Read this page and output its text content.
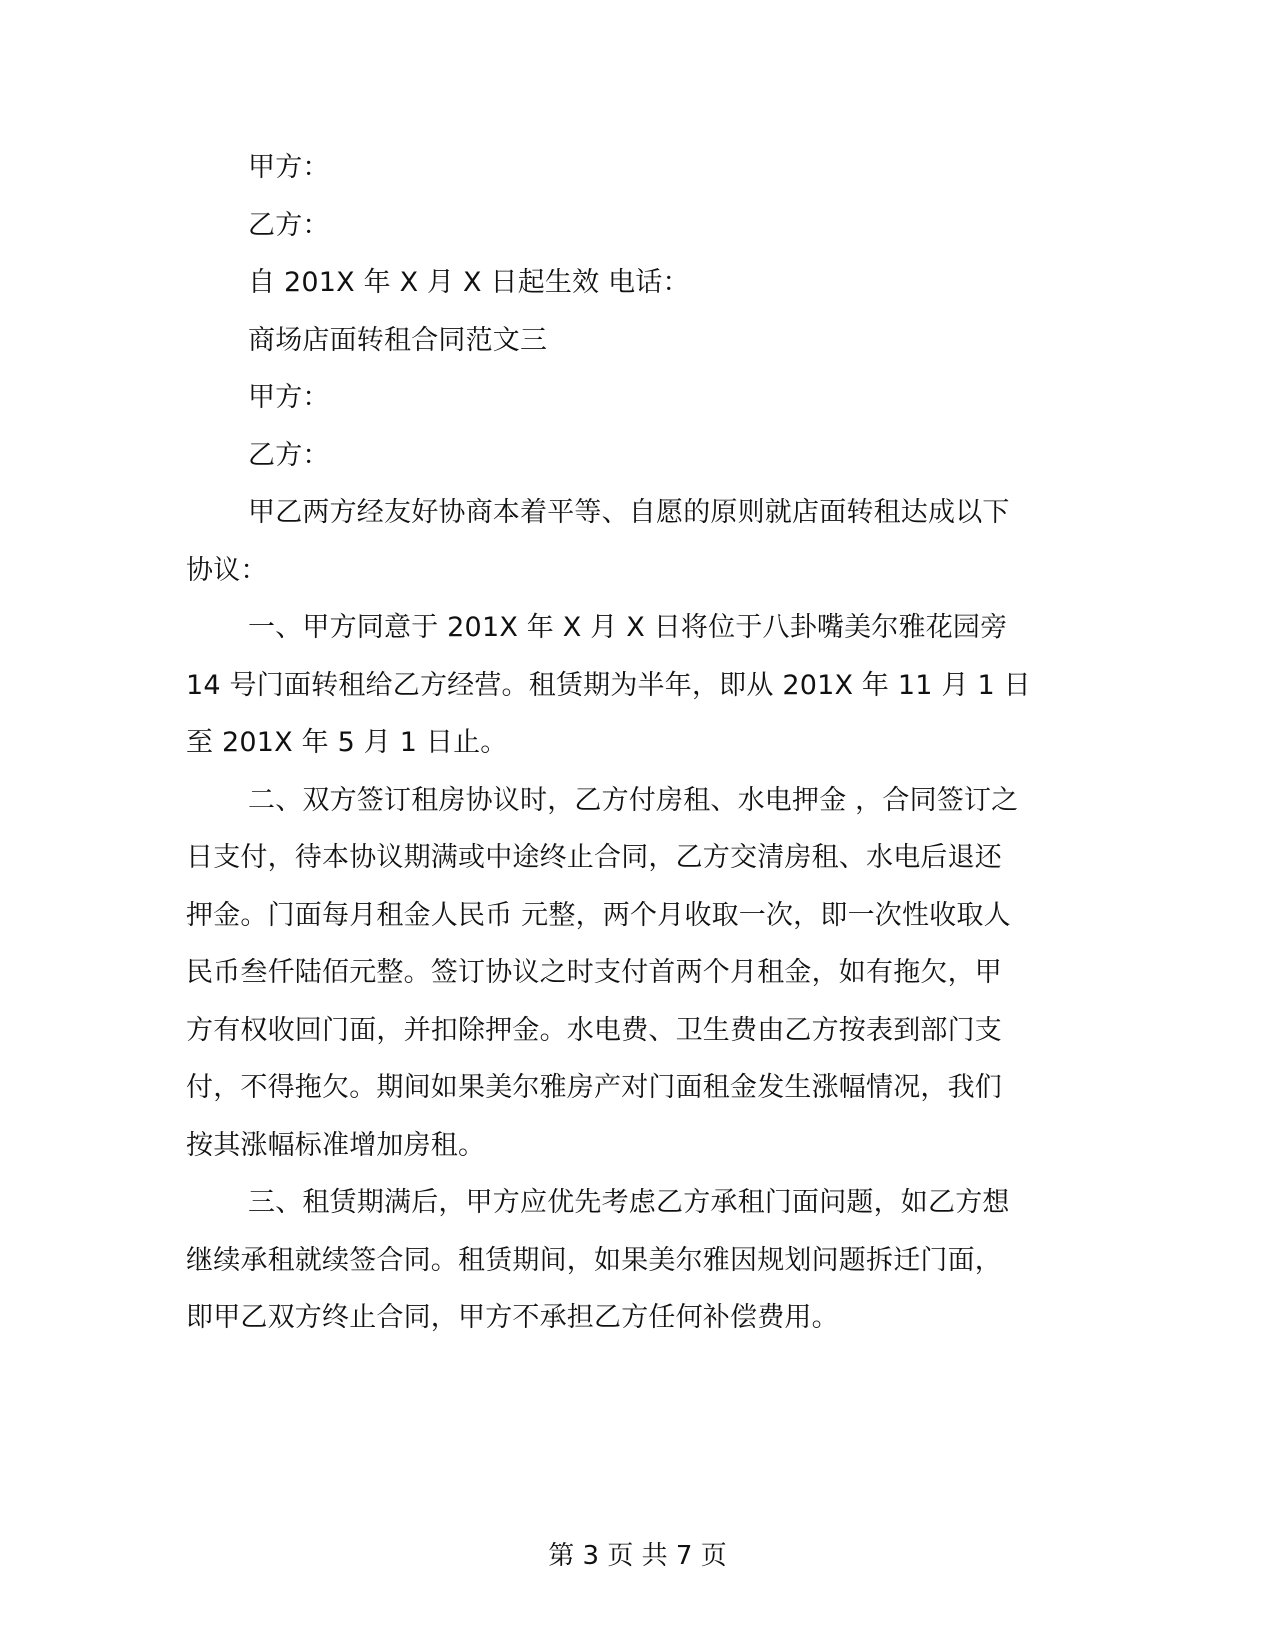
甲方：
乙方：
自 201X 年 X 月 X 日起生效 电话：
商场店面转租合同范文三
甲方：
乙方：
甲乙两方经友好协商本着平等、自愿的原则就店面转租达成以下
协议：
一、甲方同意于 201X 年 X 月 X 日将位于八卦嘴美尔雅花园旁
14 号门面转租给乙方经营。租赁期为半年，即从 201X 年 11 月 1 日
至 201X 年 5 月 1 日止。
二、双方签订租房协议时，乙方付房租、水电押金 ，合同签订之
日支付，待本协议期满或中途终止合同，乙方交清房租、水电后退还
押金。门面每月租金人民币 元整，两个月收取一次，即一次性收取人
民币叁仟陆佰元整。签订协议之时支付首两个月租金，如有拖欠，甲
方有权收回门面，并扣除押金。水电费、卫生费由乙方按表到部门支
付，不得拖欠。期间如果美尔雅房产对门面租金发生涨幅情况，我们
按其涨幅标准增加房租。
三、租赁期满后，甲方应优先考虑乙方承租门面问题，如乙方想
继续承租就续签合同。租赁期间，如果美尔雅因规划问题拆迁门面，
即甲乙双方终止合同，甲方不承担乙方任何补偿费用。
第 3 页 共 7 页
